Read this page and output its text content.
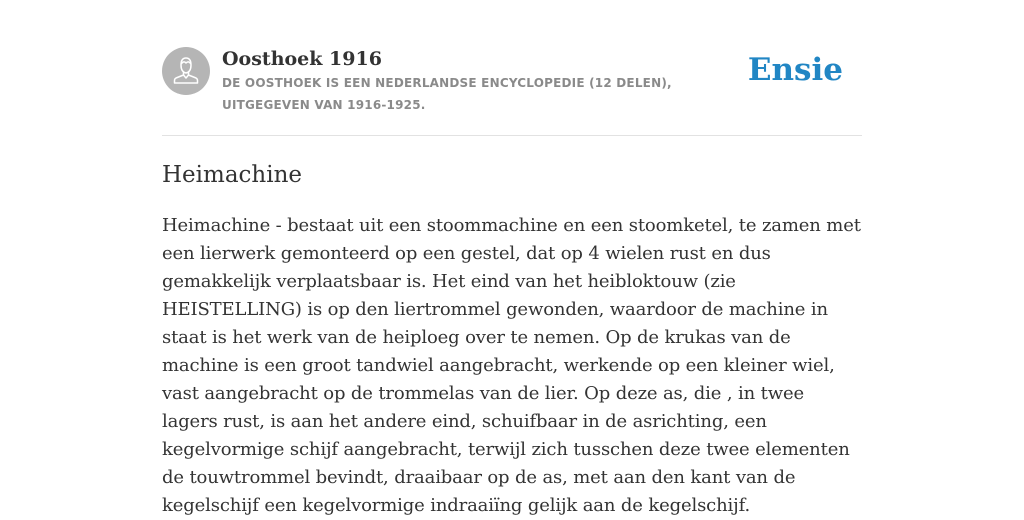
Oosthoek 1916

DE OOSTHOEK IS EEN NEDERLANDSE ENCYCLOPEDIE (12 DELEN), UITGEGEVEN VAN 1916-1925.

Ensie
Heimachine

Heimachine - bestaat uit een stoommachine en een stoomketel, te zamen met een lierwerk gemonteerd op een gestel, dat op 4 wielen rust en dus gemakkelijk verplaatsbaar is. Het eind van het heibloktouw (zie HEISTELLING) is op den liertrommel gewonden, waardoor de machine in staat is het werk van de heiploeg over te nemen. Op de krukas van de machine is een groot tandwiel aangebracht, werkende op een kleiner wiel, vast aangebracht op de trommelas van de lier. Op deze as, die , in twee lagers rust, is aan het andere eind, schuifbaar in de asrichting, een kegelvormige schijf aangebracht, terwijl zich tusschen deze twee elementen de touwtrommel bevindt, draaibaar op de as, met aan den kant van de kegelschijf een kegelvormige indraaiïng gelijk aan de kegelschijf.
